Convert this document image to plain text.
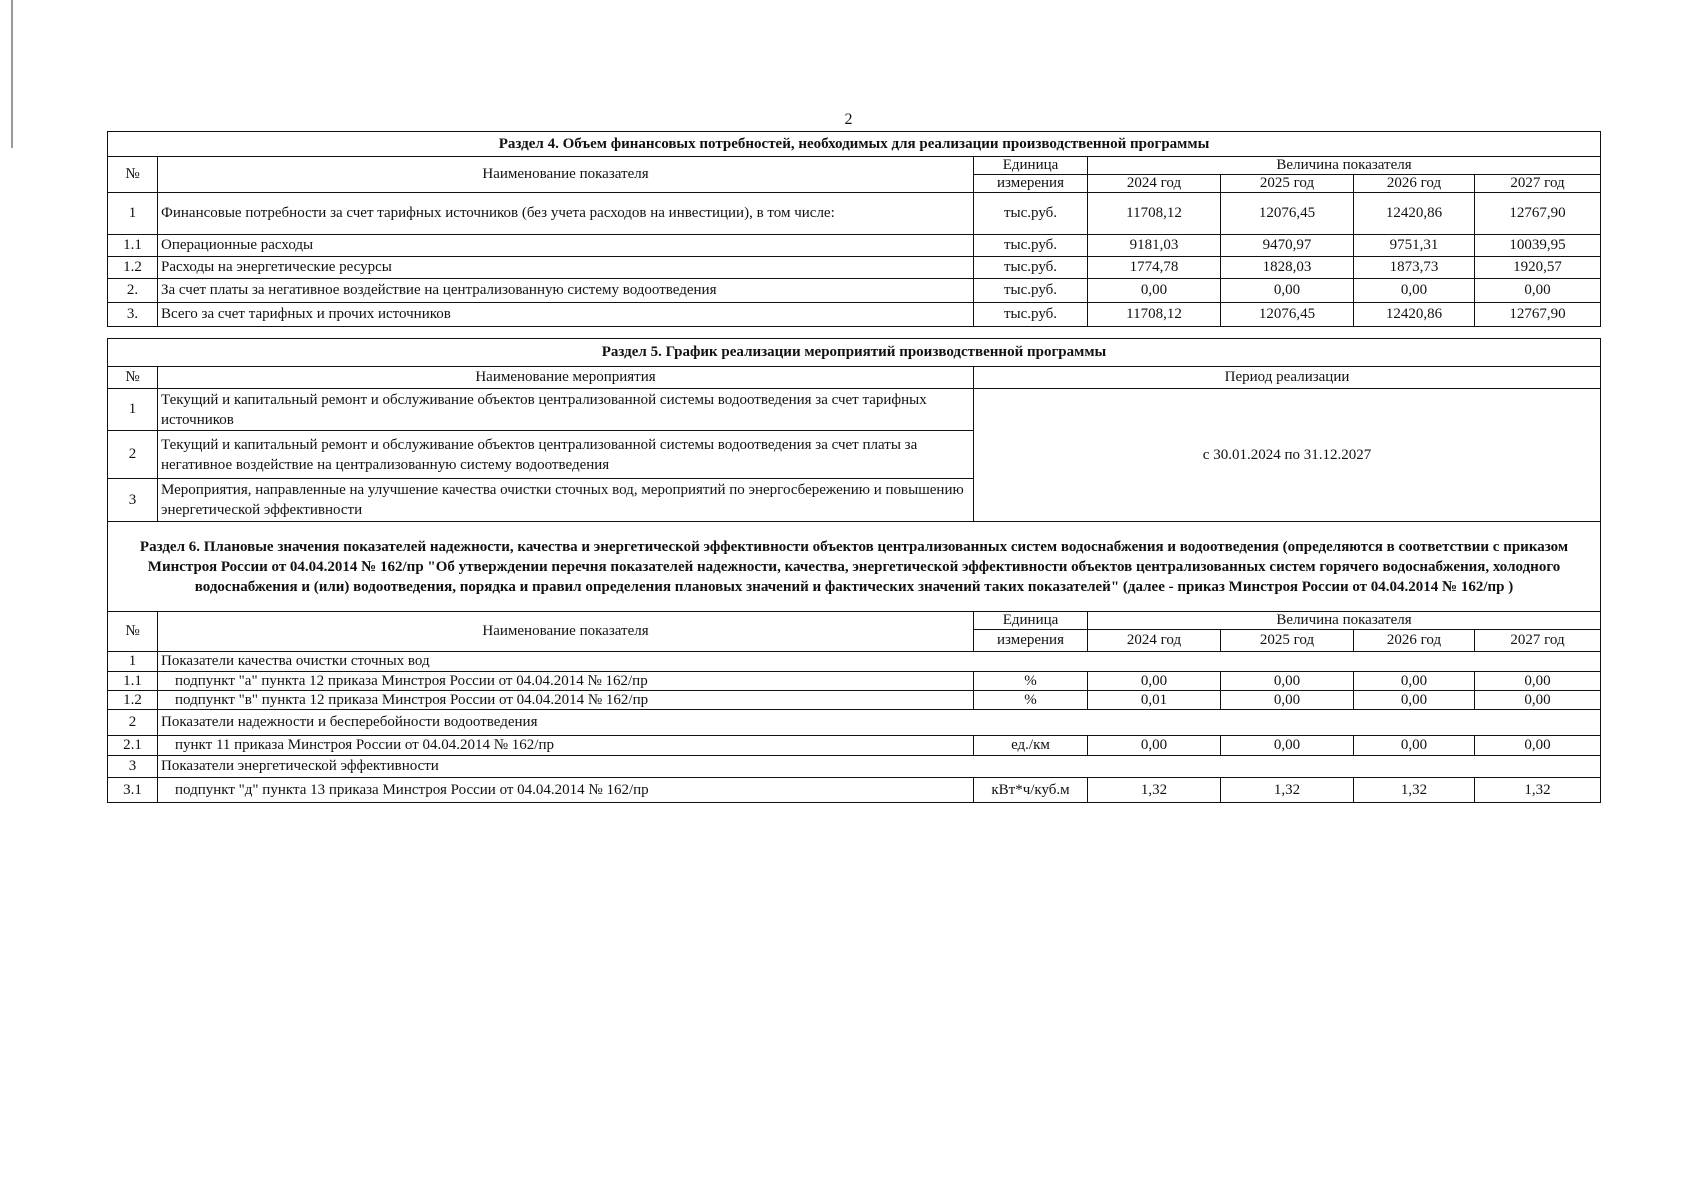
2
Раздел 4. Объем финансовых потребностей, необходимых для реализации производственной программы						
№	Наименование показателя	Единица	Величина показателя			
		измерения	2024 год	2025 год	2026 год	2027 год
1	Финансовые потребности за счет тарифных источников (без учета расходов на инвестиции), в том числе:	тыс.руб.	11708,12	12076,45	12420,86	12767,90
1.1	Операционные расходы	тыс.руб.	9181,03	9470,97	9751,31	10039,95
1.2	Расходы на энергетические ресурсы	тыс.руб.	1774,78	1828,03	1873,73	1920,57
2.	За счет платы за негативное воздействие на централизованную систему водоотведения	тыс.руб.	0,00	0,00	0,00	0,00
3.	Всего за счет тарифных и прочих источников	тыс.руб.	11708,12	12076,45	12420,86	12767,90
Раздел 5. График реализации мероприятий производственной программы		
№	Наименование мероприятия	Период реализации
1	Текущий и капитальный ремонт и обслуживание объектов централизованной системы водоотведения за счет тарифных источников	с 30.01.2024 по 31.12.2027
2	Текущий и капитальный ремонт и обслуживание объектов централизованной системы водоотведения за счет платы за негативное воздействие на централизованную систему водоотведения	
3	Мероприятия, направленные на улучшение качества очистки сточных вод, мероприятий по энергосбережению и повышению энергетической эффективности	
Раздел 6. Плановые значения показателей надежности, качества и энергетической эффективности объектов централизованных систем водоснабжения и водоотведения (определяются в соответствии с приказом Минстроя России от 04.04.2014 № 162/пр "Об утверждении перечня показателей надежности, качества, энергетической эффективности объектов централизованных систем горячего водоснабжения, холодного водоснабжения и (или) водоотведения, порядка и правил определения плановых значений и фактических значений таких показателей" (далее - приказ Минстроя России от 04.04.2014 № 162/пр )						
№	Наименование показателя	Единица	Величина показателя			
		измерения	2024 год	2025 год	2026 год	2027 год
1	Показатели качества очистки сточных вод					
1.1	подпункт "а" пункта 12 приказа Минстроя России от 04.04.2014 № 162/пр	%	0,00	0,00	0,00	0,00
1.2	подпункт "в" пункта 12 приказа Минстроя России от 04.04.2014 № 162/пр	%	0,01	0,00	0,00	0,00
2	Показатели надежности и бесперебойности водоотведения					
2.1	пункт 11 приказа Минстроя России от 04.04.2014 № 162/пр	ед./км	0,00	0,00	0,00	0,00
3	Показатели энергетической эффективности					
3.1	подпункт "д" пункта 13 приказа Минстроя России от 04.04.2014 № 162/пр	кВт*ч/куб.м	1,32	1,32	1,32	1,32
